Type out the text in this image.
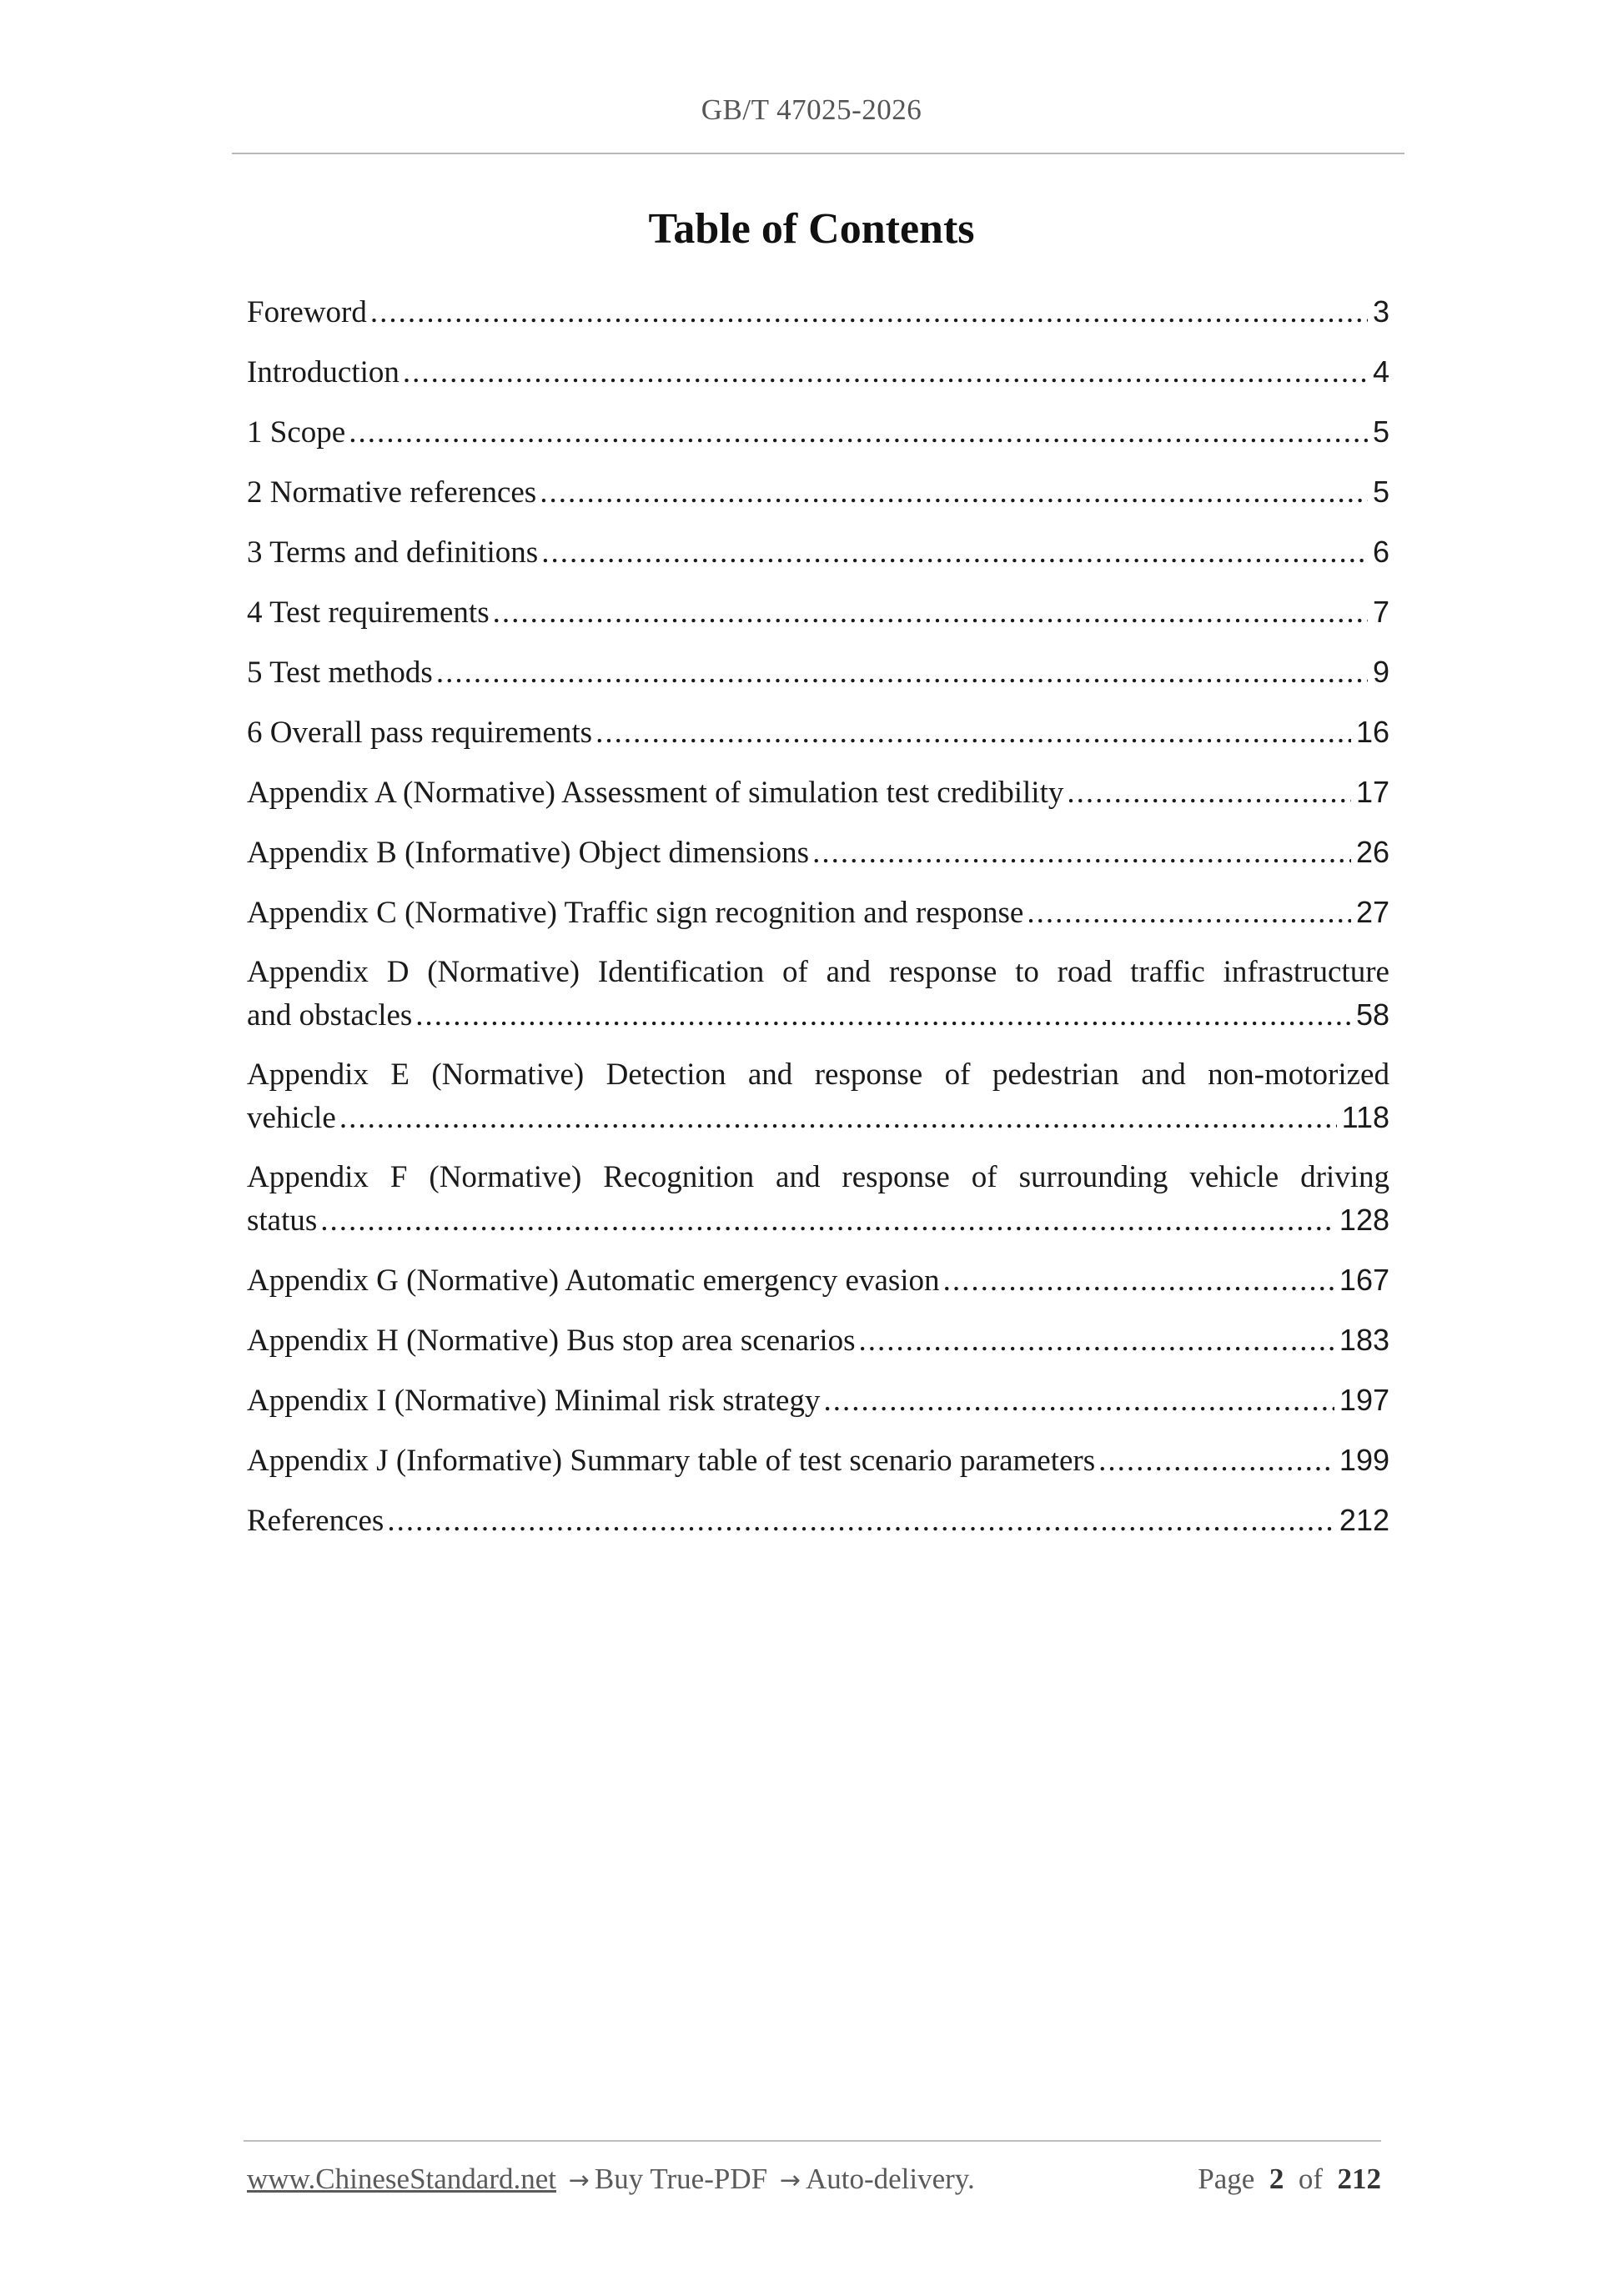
GB/T 47025-2026
Table of Contents
Foreword .....	3
Introduction .....	4
1 Scope .....	5
2 Normative references .....	5
3 Terms and definitions .....	6
4 Test requirements .....	7
5 Test methods .....	9
6 Overall pass requirements .....	16
Appendix A (Normative) Assessment of simulation test credibility .....	17
Appendix B (Informative) Object dimensions .....	26
Appendix C (Normative) Traffic sign recognition and response .....	27
Appendix D (Normative) Identification of and response to road traffic infrastructure
and obstacles .....	58
Appendix E (Normative) Detection and response of pedestrian and non-motorized
vehicle .....	118
Appendix F (Normative) Recognition and response of surrounding vehicle driving
status .....	128
Appendix G (Normative) Automatic emergency evasion .....	167
Appendix H (Normative) Bus stop area scenarios .....	183
Appendix I (Normative) Minimal risk strategy .....	197
Appendix J (Informative) Summary table of test scenario parameters .....	199
References .....	212
www.ChineseStandard.net → Buy True-PDF → Auto-delivery.	Page 2 of 212
